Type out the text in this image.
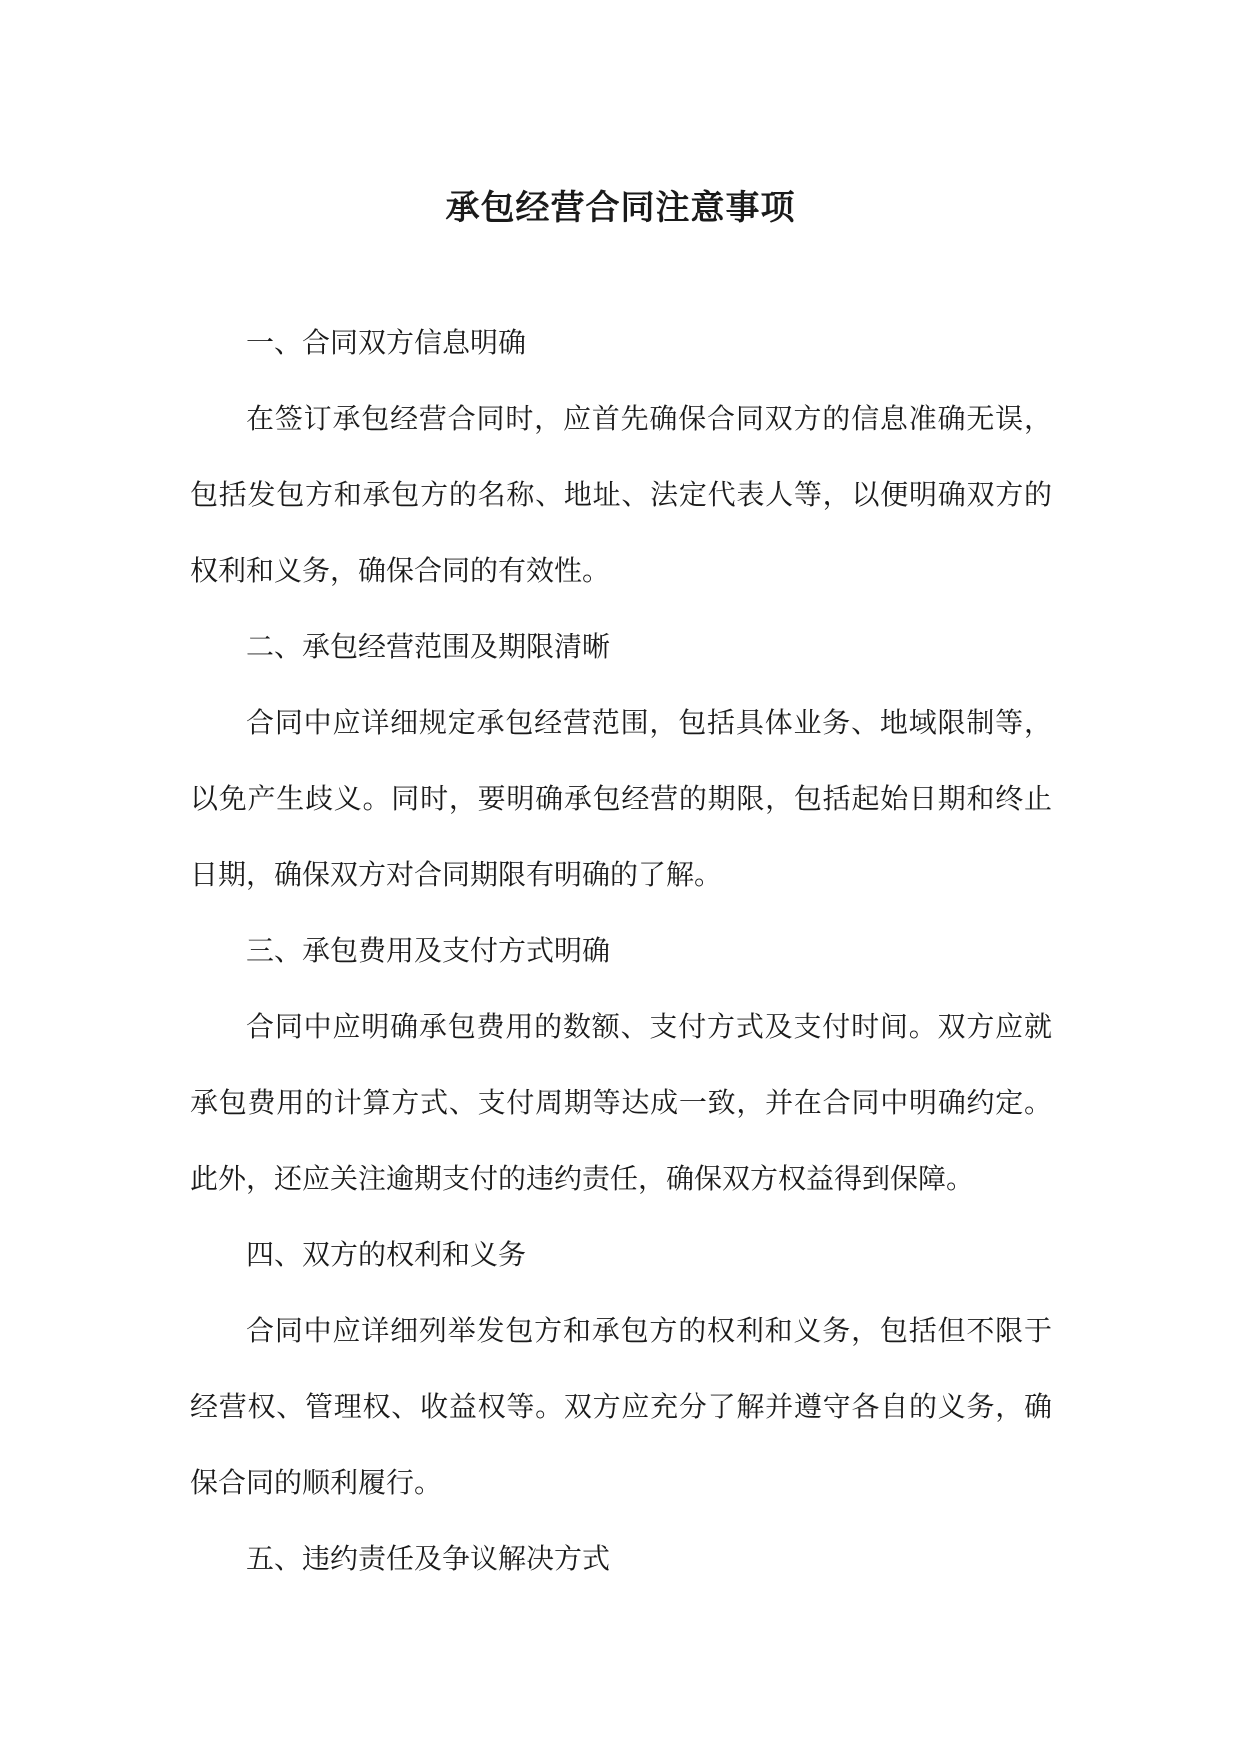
承包经营合同注意事项

一、合同双方信息明确

在签订承包经营合同时，应首先确保合同双方的信息准确无误，包括发包方和承包方的名称、地址、法定代表人等，以便明确双方的权利和义务，确保合同的有效性。

二、承包经营范围及期限清晰

合同中应详细规定承包经营范围，包括具体业务、地域限制等，以免产生歧义。同时，要明确承包经营的期限，包括起始日期和终止日期，确保双方对合同期限有明确的了解。

三、承包费用及支付方式明确

合同中应明确承包费用的数额、支付方式及支付时间。双方应就承包费用的计算方式、支付周期等达成一致，并在合同中明确约定。此外，还应关注逾期支付的违约责任，确保双方权益得到保障。

四、双方的权利和义务

合同中应详细列举发包方和承包方的权利和义务，包括但不限于经营权、管理权、收益权等。双方应充分了解并遵守各自的义务，确保合同的顺利履行。

五、违约责任及争议解决方式
